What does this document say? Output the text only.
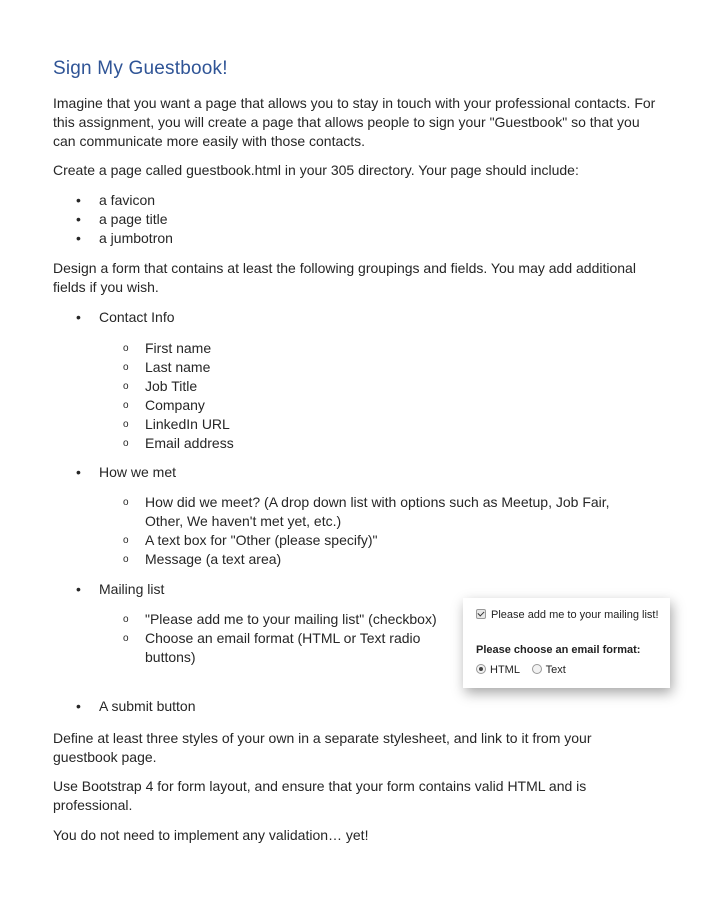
Sign My Guestbook!

Imagine that you want a page that allows you to stay in touch with your professional contacts. For this assignment, you will create a page that allows people to sign your "Guestbook" so that you can communicate more easily with those contacts.

Create a page called guestbook.html in your 305 directory. Your page should include:

• a favicon
• a page title
• a jumbotron

Design a form that contains at least the following groupings and fields. You may add additional fields if you wish.

• Contact Info
o First name
o Last name
o Job Title
o Company
o LinkedIn URL
o Email address
• How we met
o How did we meet? (A drop down list with options such as Meetup, Job Fair, Other, We haven't met yet, etc.)
o A text box for "Other (please specify)"
o Message (a text area)
• Mailing list
o "Please add me to your mailing list" (checkbox)
o Choose an email format (HTML or Text radio buttons)
• A submit button

Define at least three styles of your own in a separate stylesheet, and link to it from your guestbook page.

Use Bootstrap 4 for form layout, and ensure that your form contains valid HTML and is professional.

You do not need to implement any validation… yet!

Please add me to your mailing list!
Please choose an email format:
HTML Text
